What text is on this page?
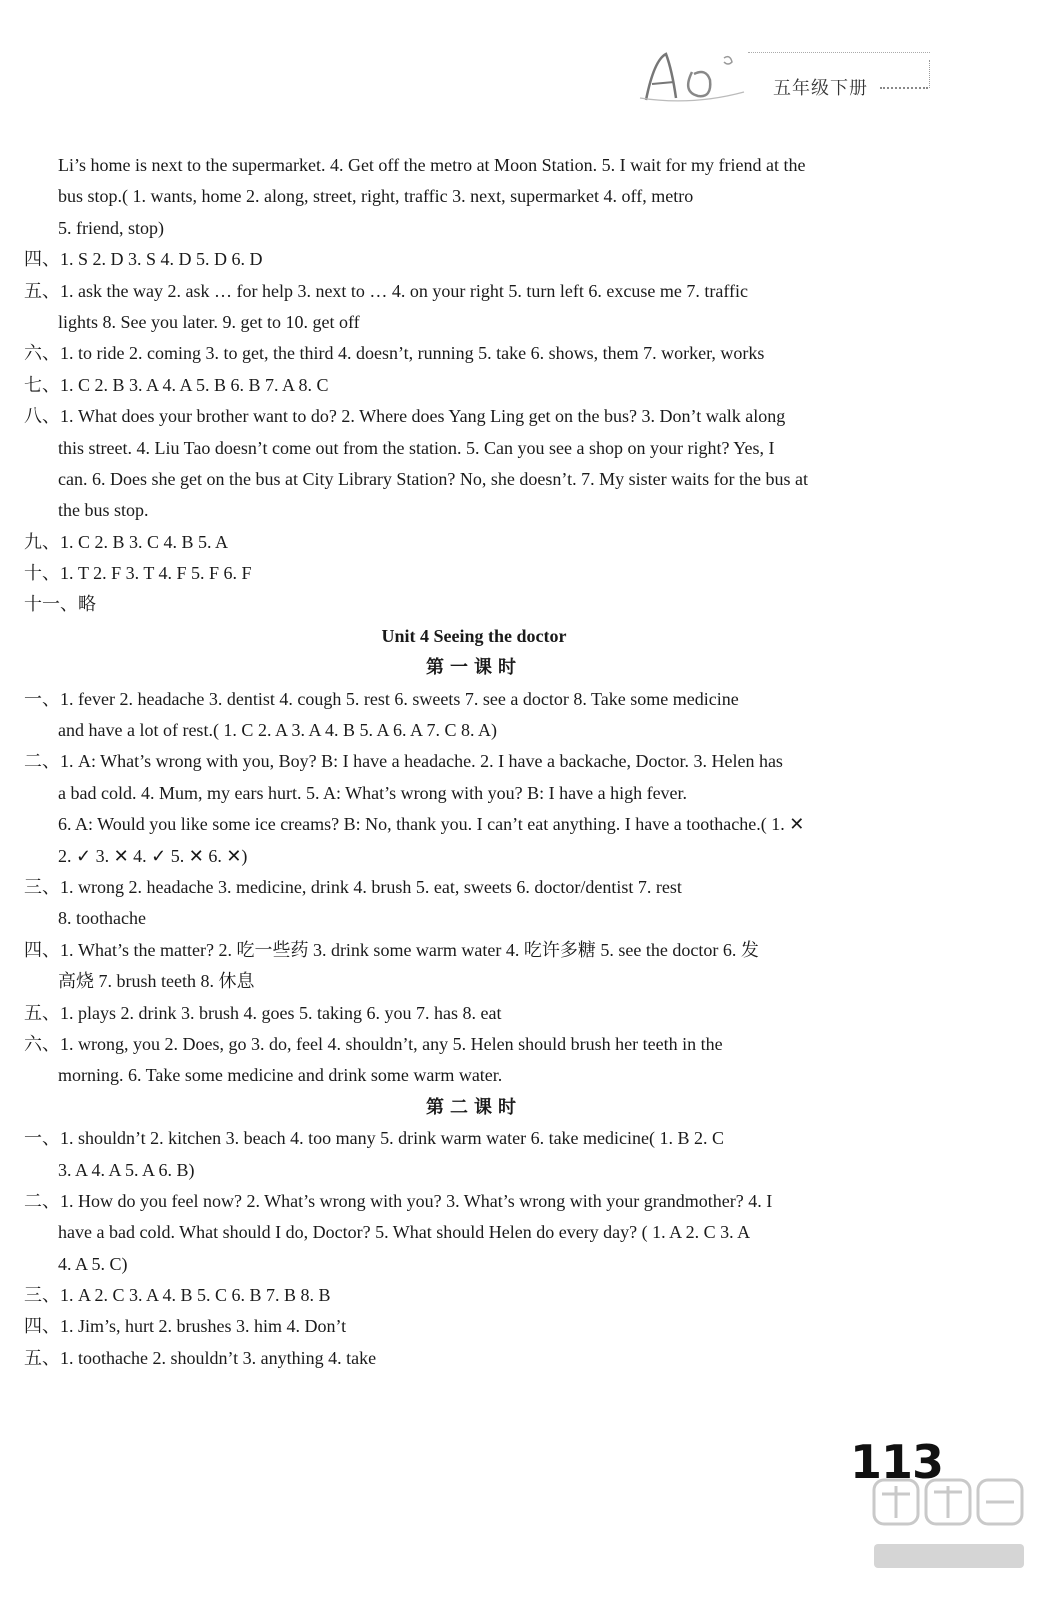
五年级下册
Li’s home is next to the supermarket. 4. Get off the metro at Moon Station. 5. I wait for my friend at the
bus stop.( 1. wants, home 2. along, street, right, traffic 3. next, supermarket 4. off, metro
5. friend, stop)
四、1. S 2. D 3. S 4. D 5. D 6. D
五、1. ask the way 2. ask … for help 3. next to … 4. on your right 5. turn left 6. excuse me 7. traffic
lights 8. See you later. 9. get to 10. get off
六、1. to ride 2. coming 3. to get, the third 4. doesn’t, running 5. take 6. shows, them 7. worker, works
七、1. C 2. B 3. A 4. A 5. B 6. B 7. A 8. C
八、1. What does your brother want to do? 2. Where does Yang Ling get on the bus? 3. Don’t walk along
this street. 4. Liu Tao doesn’t come out from the station. 5. Can you see a shop on your right? Yes, I
can. 6. Does she get on the bus at City Library Station? No, she doesn’t. 7. My sister waits for the bus at
the bus stop.
九、1. C 2. B 3. C 4. B 5. A
十、1. T 2. F 3. T 4. F 5. F 6. F
十一、略
Unit 4 Seeing the doctor
第一课时
一、1. fever 2. headache 3. dentist 4. cough 5. rest 6. sweets 7. see a doctor 8. Take some medicine
and have a lot of rest.( 1. C 2. A 3. A 4. B 5. A 6. A 7. C 8. A)
二、1. A: What’s wrong with you, Boy? B: I have a headache. 2. I have a backache, Doctor. 3. Helen has
a bad cold. 4. Mum, my ears hurt. 5. A: What’s wrong with you? B: I have a high fever.
6. A: Would you like some ice creams? B: No, thank you. I can’t eat anything. I have a toothache.( 1. ✕
2. ✓ 3. ✕ 4. ✓ 5. ✕ 6. ✕)
三、1. wrong 2. headache 3. medicine, drink 4. brush 5. eat, sweets 6. doctor/dentist 7. rest
8. toothache
四、1. What’s the matter? 2. 吃一些药 3. drink some warm water 4. 吃许多糖 5. see the doctor 6. 发
高烧 7. brush teeth 8. 休息
五、1. plays 2. drink 3. brush 4. goes 5. taking 6. you 7. has 8. eat
六、1. wrong, you 2. Does, go 3. do, feel 4. shouldn’t, any 5. Helen should brush her teeth in the
morning. 6. Take some medicine and drink some warm water.
第二课时
一、1. shouldn’t 2. kitchen 3. beach 4. too many 5. drink warm water 6. take medicine( 1. B 2. C
3. A 4. A 5. A 6. B)
二、1. How do you feel now? 2. What’s wrong with you? 3. What’s wrong with your grandmother? 4. I
have a bad cold. What should I do, Doctor? 5. What should Helen do every day? ( 1. A 2. C 3. A
4. A 5. C)
三、1. A 2. C 3. A 4. B 5. C 6. B 7. B 8. B
四、1. Jim’s, hurt 2. brushes 3. him 4. Don’t
五、1. toothache 2. shouldn’t 3. anything 4. take
113
